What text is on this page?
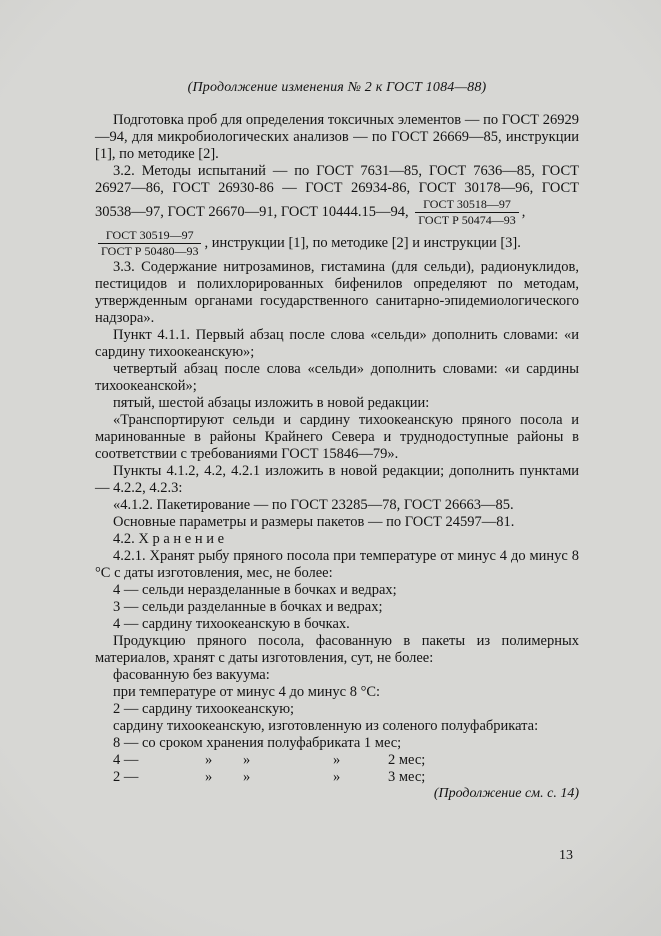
(Продолжение изменения № 2 к ГОСТ 1084—88)

Подготовка проб для определения токсичных элементов — по ГОСТ 26929—94, для микробиологических анализов — по ГОСТ 26669—85, инструкции [1], по методике [2].

3.2. Методы испытаний — по ГОСТ 7631—85, ГОСТ 7636—85, ГОСТ 26927—86, ГОСТ 26930-86 — ГОСТ 26934-86, ГОСТ 30178—96, ГОСТ 30538—97, ГОСТ 26670—91, ГОСТ 10444.15—94, $\frac{\text{ГОСТ 30518—97}}{\text{ГОСТ Р 50474—93}}$ ,

$\frac{\text{ГОСТ 30519—97}}{\text{ГОСТ Р 50480—93}}$ , инструкции [1], по методике [2] и инструкции [3].

3.3. Содержание нитрозаминов, гистамина (для сельди), радионуклидов, пестицидов и полихлорированных бифенилов определяют по методам, утвержденным органами государственного санитарно-эпидемиологического надзора».

Пункт 4.1.1. Первый абзац после слова «сельди» дополнить словами: «и сардину тихоокеанскую»;

четвертый абзац после слова «сельди» дополнить словами: «и сардины тихоокеанской»;

пятый, шестой абзацы изложить в новой редакции:

«Транспортируют сельди и сардину тихоокеанскую пряного посола и маринованные в районы Крайнего Севера и труднодоступные районы в соответствии с требованиями ГОСТ 15846—79».

Пункты 4.1.2, 4.2, 4.2.1 изложить в новой редакции; дополнить пунктами — 4.2.2, 4.2.3:

«4.1.2. Пакетирование — по ГОСТ 23285—78, ГОСТ 26663—85.

Основные параметры и размеры пакетов — по ГОСТ 24597—81.

4.2. Х р а н е н и е

4.2.1. Хранят рыбу пряного посола при температуре от минус 4 до минус 8 °С с даты изготовления, мес, не более:

4 — сельди неразделанные в бочках и ведрах;

3 — сельди разделанные в бочках и ведрах;

4 — сардину тихоокеанскую в бочках.

Продукцию пряного посола, фасованную в пакеты из полимерных материалов, хранят с даты изготовления, сут, не более:

фасованную без вакуума:

при температуре от минус 4 до минус 8 °С:

2 — сардину тихоокеанскую;

сардину тихоокеанскую, изготовленную из соленого полуфабриката:

8 — со сроком хранения полуфабриката 1 мес;

4 —	» »	»	2 мес;

2 —	» »	»	3 мес;

(Продолжение см. с. 14)
13
